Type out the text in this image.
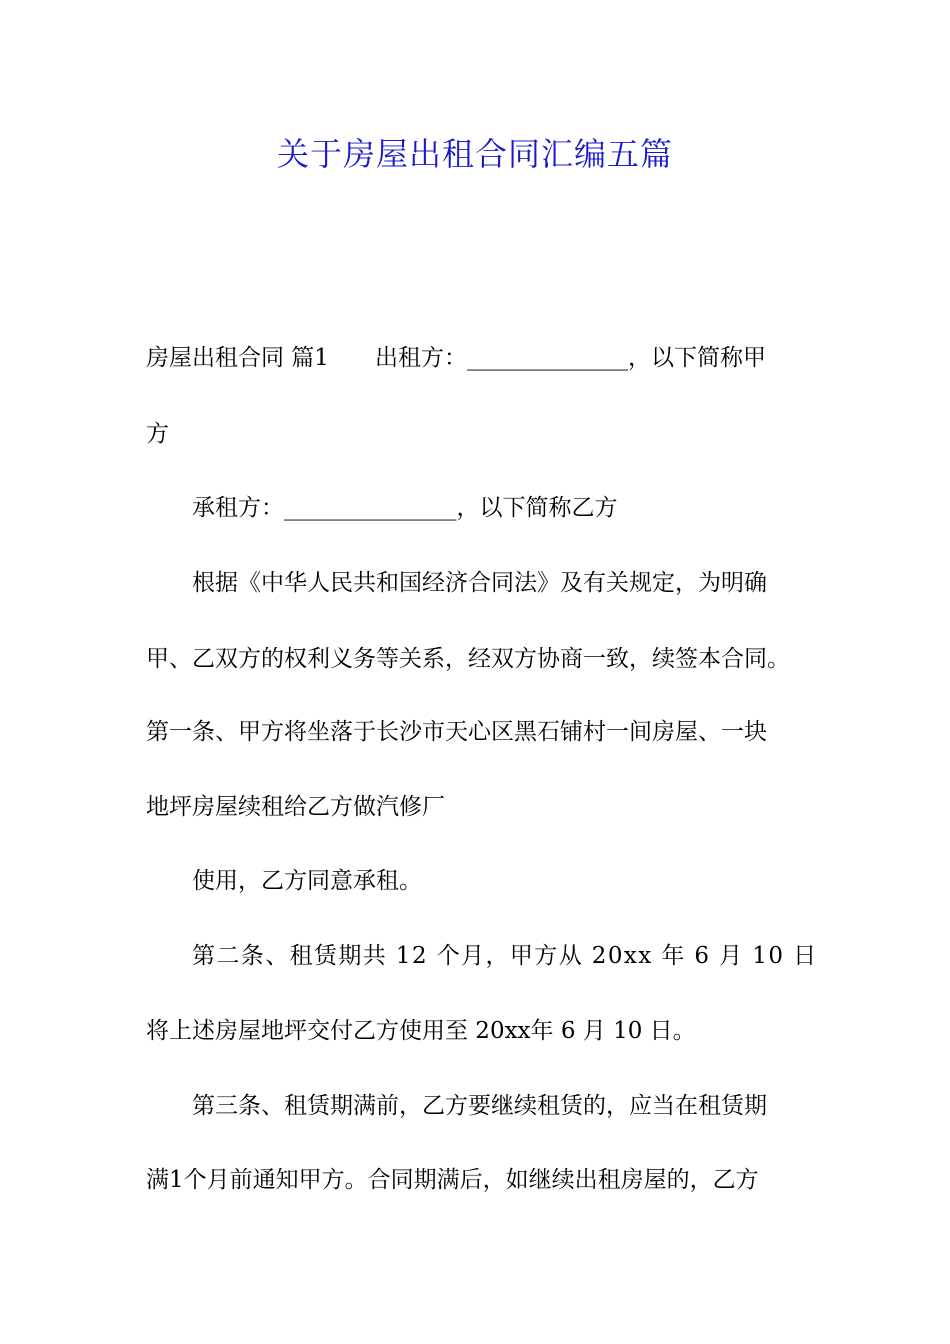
关于房屋出租合同汇编五篇
房屋出租合同 篇1　　出租方：______________，以下简称甲
方
承租方：_______________，以下简称乙方
根据《中华人民共和国经济合同法》及有关规定，为明确
甲、乙双方的权利义务等关系，经双方协商一致，续签本合同。
第一条、甲方将坐落于长沙市天心区黑石铺村一间房屋、一块
地坪房屋续租给乙方做汽修厂
使用，乙方同意承租。
第二条、租赁期共 12 个月，甲方从 20xx 年 6 月 10 日
将上述房屋地坪交付乙方使用至 20xx年 6 月 10 日。
第三条、租赁期满前，乙方要继续租赁的，应当在租赁期
满1个月前通知甲方。合同期满后，如继续出租房屋的，乙方
